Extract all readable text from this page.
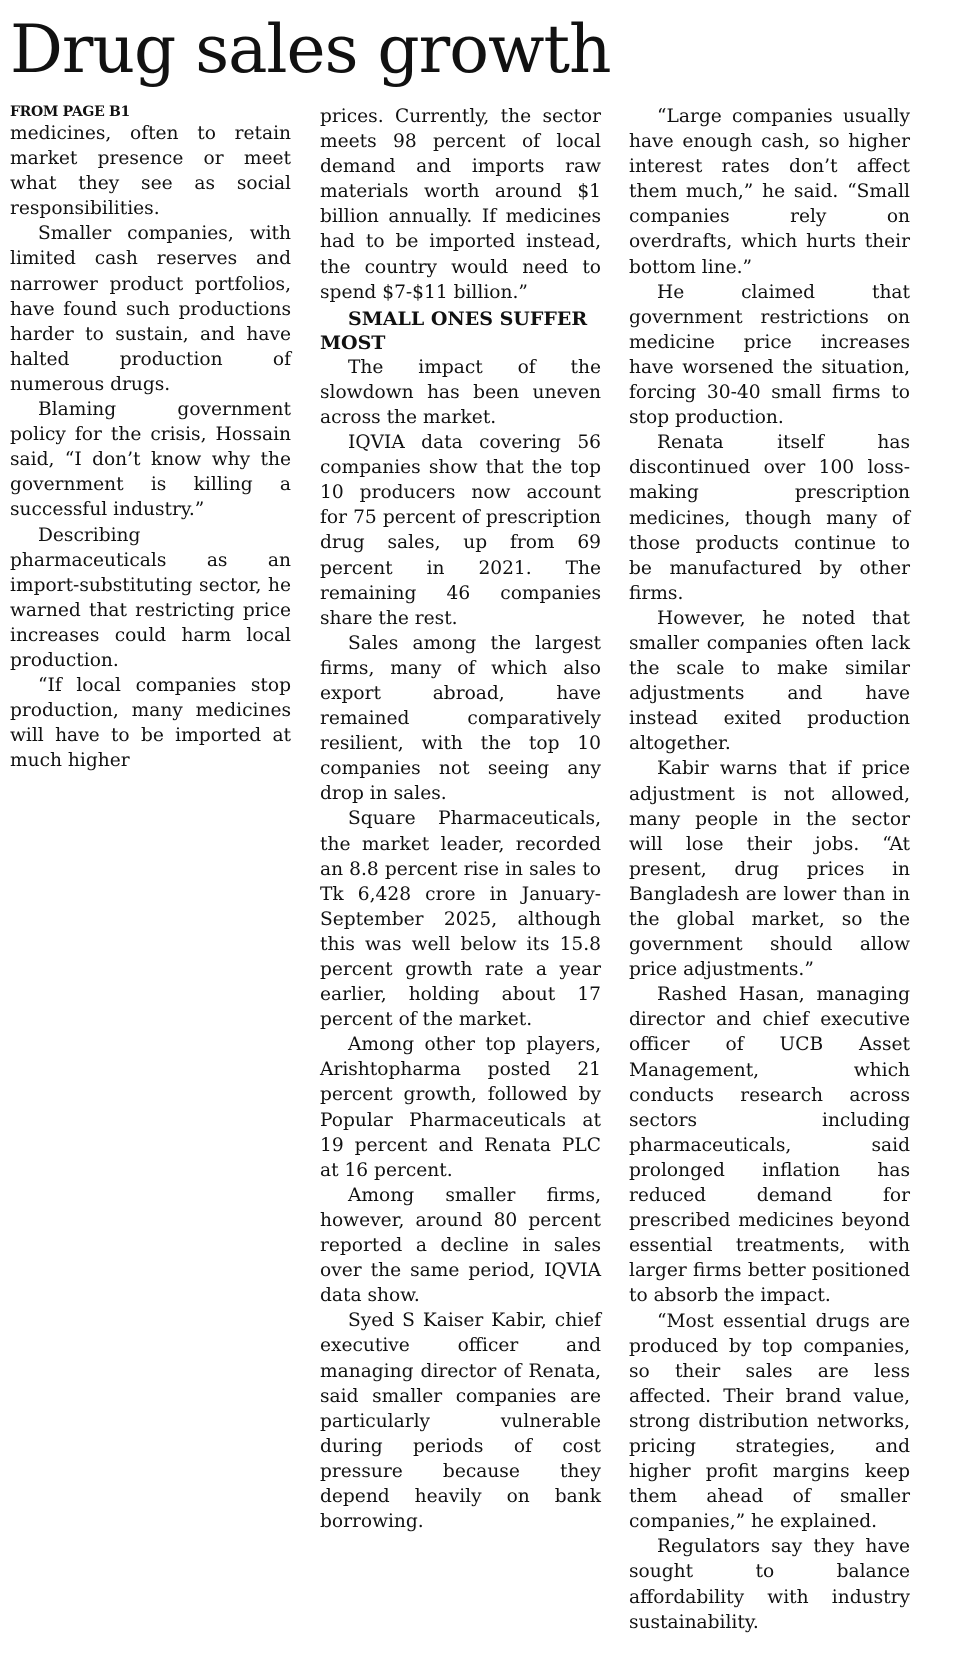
Drug sales growth
FROM PAGE B1

medicines, often to retain market presence or meet what they see as social responsibilities.

Smaller companies, with limited cash reserves and narrower product portfolios, have found such productions harder to sustain, and have halted production of numerous drugs.

Blaming government policy for the crisis, Hossain said, “I don’t know why the government is killing a successful industry.”

Describing pharmaceuticals as an import-substituting sector, he warned that restricting price increases could harm local production.

“If local companies stop production, many medicines will have to be imported at much higher

prices. Currently, the sector meets 98 percent of local demand and imports raw materials worth around $1 billion annually. If medicines had to be imported instead, the country would need to spend $7-$11 billion.”

SMALL ONES SUFFER MOST

The impact of the slowdown has been uneven across the market.

IQVIA data covering 56 companies show that the top 10 producers now account for 75 percent of prescription drug sales, up from 69 percent in 2021. The remaining 46 companies share the rest.

Sales among the largest firms, many of which also export abroad, have remained comparatively resilient, with the top 10 companies not seeing any drop in sales.

Square Pharmaceuticals, the market leader, recorded an 8.8 percent rise in sales to Tk 6,428 crore in January-September 2025, although this was well below its 15.8 percent growth rate a year earlier, holding about 17 percent of the market.

Among other top players, Arishtopharma posted 21 percent growth, followed by Popular Pharmaceuticals at 19 percent and Renata PLC at 16 percent.

Among smaller firms, however, around 80 percent reported a decline in sales over the same period, IQVIA data show.

Syed S Kaiser Kabir, chief executive officer and managing director of Renata, said smaller companies are particularly vulnerable during periods of cost pressure because they depend heavily on bank borrowing.

“Large companies usually have enough cash, so higher interest rates don’t affect them much,” he said. “Small companies rely on overdrafts, which hurts their bottom line.”

He claimed that government restrictions on medicine price increases have worsened the situation, forcing 30-40 small firms to stop production.

Renata itself has discontinued over 100 loss-making prescription medicines, though many of those products continue to be manufactured by other firms.

However, he noted that smaller companies often lack the scale to make similar adjustments and have instead exited production altogether.

Kabir warns that if price adjustment is not allowed, many people in the sector will lose their jobs. “At present, drug prices in Bangladesh are lower than in the global market, so the government should allow price adjustments.”

Rashed Hasan, managing director and chief executive officer of UCB Asset Management, which conducts research across sectors including pharmaceuticals, said prolonged inflation has reduced demand for prescribed medicines beyond essential treatments, with larger firms better positioned to absorb the impact.

“Most essential drugs are produced by top companies, so their sales are less affected. Their brand value, strong distribution networks, pricing strategies, and higher profit margins keep them ahead of smaller companies,” he explained.

Regulators say they have sought to balance affordability with industry sustainability.
